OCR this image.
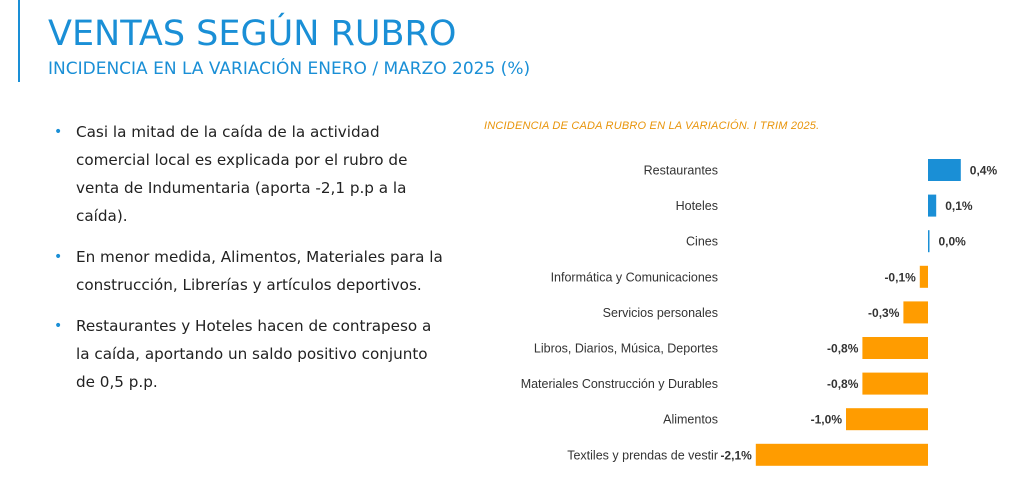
VENTAS SEGÚN RUBRO
INCIDENCIA EN LA VARIACIÓN ENERO / MARZO 2025 (%)
• Casi la mitad de la caída de la actividad comercial local es explicada por el rubro de venta de Indumentaria (aporta -2,1 p.p a la caída).
• En menor medida, Alimentos, Materiales para la construcción, Librerías y artículos deportivos.
• Restaurantes y Hoteles hacen de contrapeso a la caída, aportando un saldo positivo conjunto de 0,5 p.p.
INCIDENCIA DE CADA RUBRO EN LA VARIACIÓN. I TRIM 2025.
Restaurantes	0,4%
Hoteles	0,1%
Cines	0,0%
Informática y Comunicaciones	-0,1%
Servicios personales	-0,3%
Libros, Diarios, Música, Deportes	-0,8%
Materiales Construcción y Durables	-0,8%
Alimentos	-1,0%
Textiles y prendas de vestir -2,1%
